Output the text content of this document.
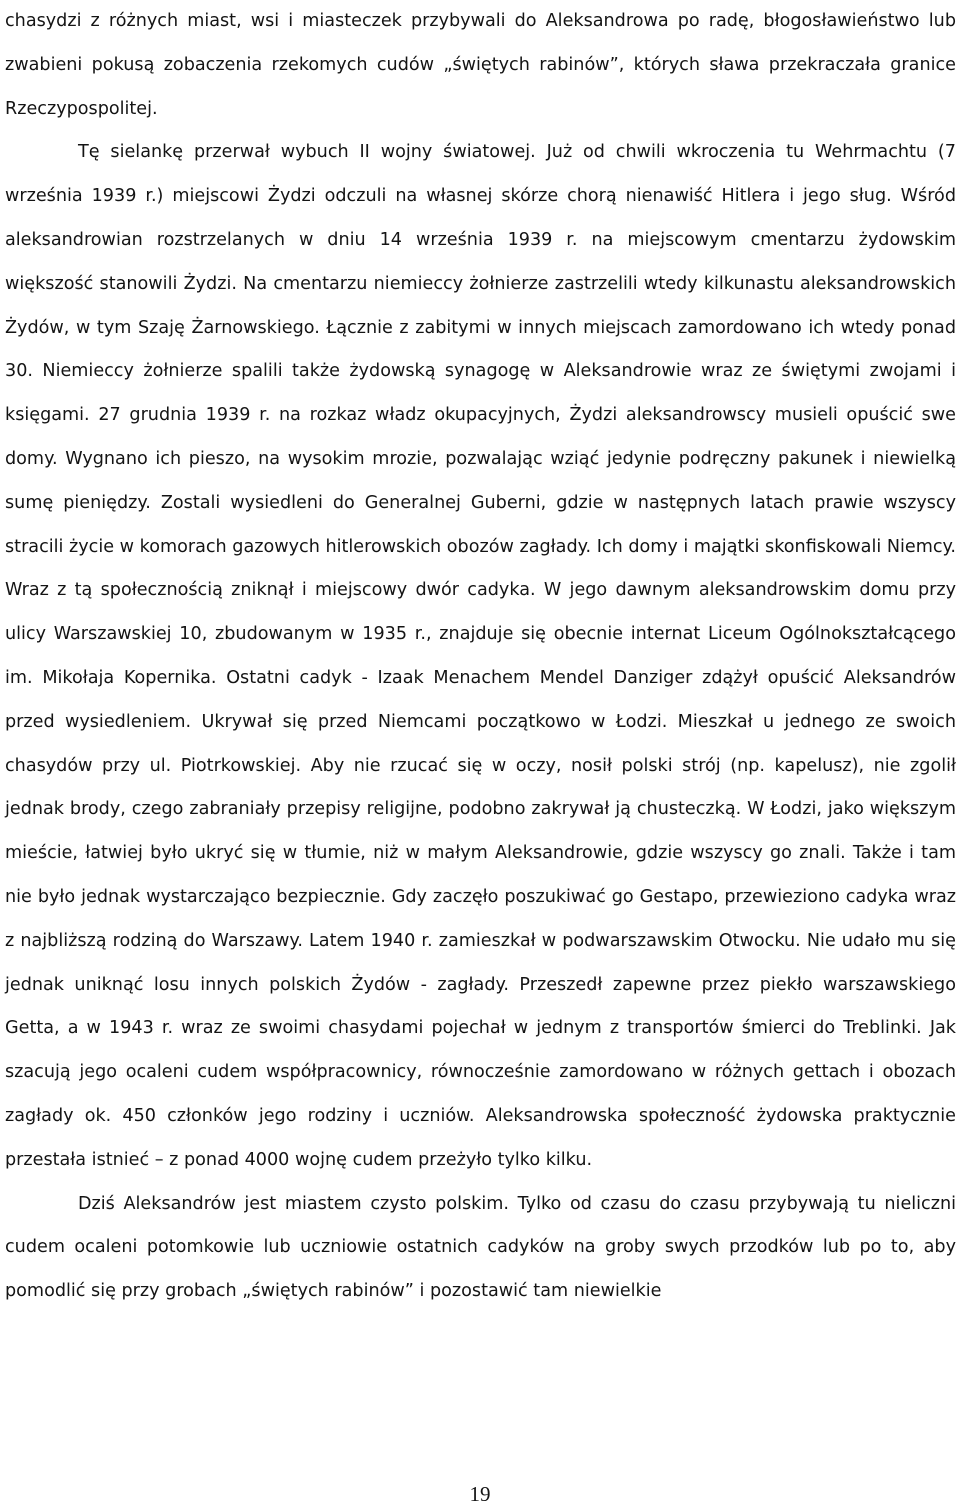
chasydzi z różnych miast, wsi i miasteczek przybywali do Aleksandrowa po radę, błogosławieństwo lub zwabieni pokusą zobaczenia rzekomych cudów „świętych rabinów”, których sława przekraczała granice Rzeczypospolitej.

Tę sielankę przerwał wybuch II wojny światowej. Już od chwili wkroczenia tu Wehrmachtu (7 września 1939 r.) miejscowi Żydzi odczuli na własnej skórze chorą nienawiść Hitlera i jego sług. Wśród aleksandrowian rozstrzelanych w dniu 14 września 1939 r. na miejscowym cmentarzu żydowskim większość stanowili Żydzi. Na cmentarzu niemieccy żołnierze zastrzelili wtedy kilkunastu aleksandrowskich Żydów, w tym Szaję Żarnowskiego. Łącznie z zabitymi w innych miejscach zamordowano ich wtedy ponad 30. Niemieccy żołnierze spalili także żydowską synagogę w Aleksandrowie wraz ze świętymi zwojami i księgami. 27 grudnia 1939 r. na rozkaz władz okupacyjnych, Żydzi aleksandrowscy musieli opuścić swe domy. Wygnano ich pieszo, na wysokim mrozie, pozwalając wziąć jedynie podręczny pakunek i niewielką sumę pieniędzy. Zostali wysiedleni do Generalnej Guberni, gdzie w następnych latach prawie wszyscy stracili życie w komorach gazowych hitlerowskich obozów zagłady. Ich domy i majątki skonfiskowali Niemcy. Wraz z tą społecznością zniknął i miejscowy dwór cadyka. W jego dawnym aleksandrowskim domu przy ulicy Warszawskiej 10, zbudowanym w 1935 r., znajduje się obecnie internat Liceum Ogólnokształcącego im. Mikołaja Kopernika. Ostatni cadyk - Izaak Menachem Mendel Danziger zdążył opuścić Aleksandrów przed wysiedleniem. Ukrywał się przed Niemcami początkowo w Łodzi. Mieszkał u jednego ze swoich chasydów przy ul. Piotrkowskiej. Aby nie rzucać się w oczy, nosił polski strój (np. kapelusz), nie zgolił jednak brody, czego zabraniały przepisy religijne, podobno zakrywał ją chusteczką. W Łodzi, jako większym mieście, łatwiej było ukryć się w tłumie, niż w małym Aleksandrowie, gdzie wszyscy go znali. Także i tam nie było jednak wystarczająco bezpiecznie. Gdy zaczęło poszukiwać go Gestapo, przewieziono cadyka wraz z najbliższą rodziną do Warszawy. Latem 1940 r. zamieszkał w podwarszawskim Otwocku. Nie udało mu się jednak uniknąć losu innych polskich Żydów - zagłady. Przeszedł zapewne przez piekło warszawskiego Getta, a w 1943 r. wraz ze swoimi chasydami pojechał w jednym z transportów śmierci do Treblinki. Jak szacują jego ocaleni cudem współpracownicy, równocześnie zamordowano w różnych gettach i obozach zagłady ok. 450 członków jego rodziny i uczniów. Aleksandrowska społeczność żydowska praktycznie przestała istnieć – z ponad 4000 wojnę cudem przeżyło tylko kilku.

Dziś Aleksandrów jest miastem czysto polskim. Tylko od czasu do czasu przybywają tu nieliczni cudem ocaleni potomkowie lub uczniowie ostatnich cadyków na groby swych przodków lub po to, aby pomodlić się przy grobach „świętych rabinów” i pozostawić tam niewielkie

19
